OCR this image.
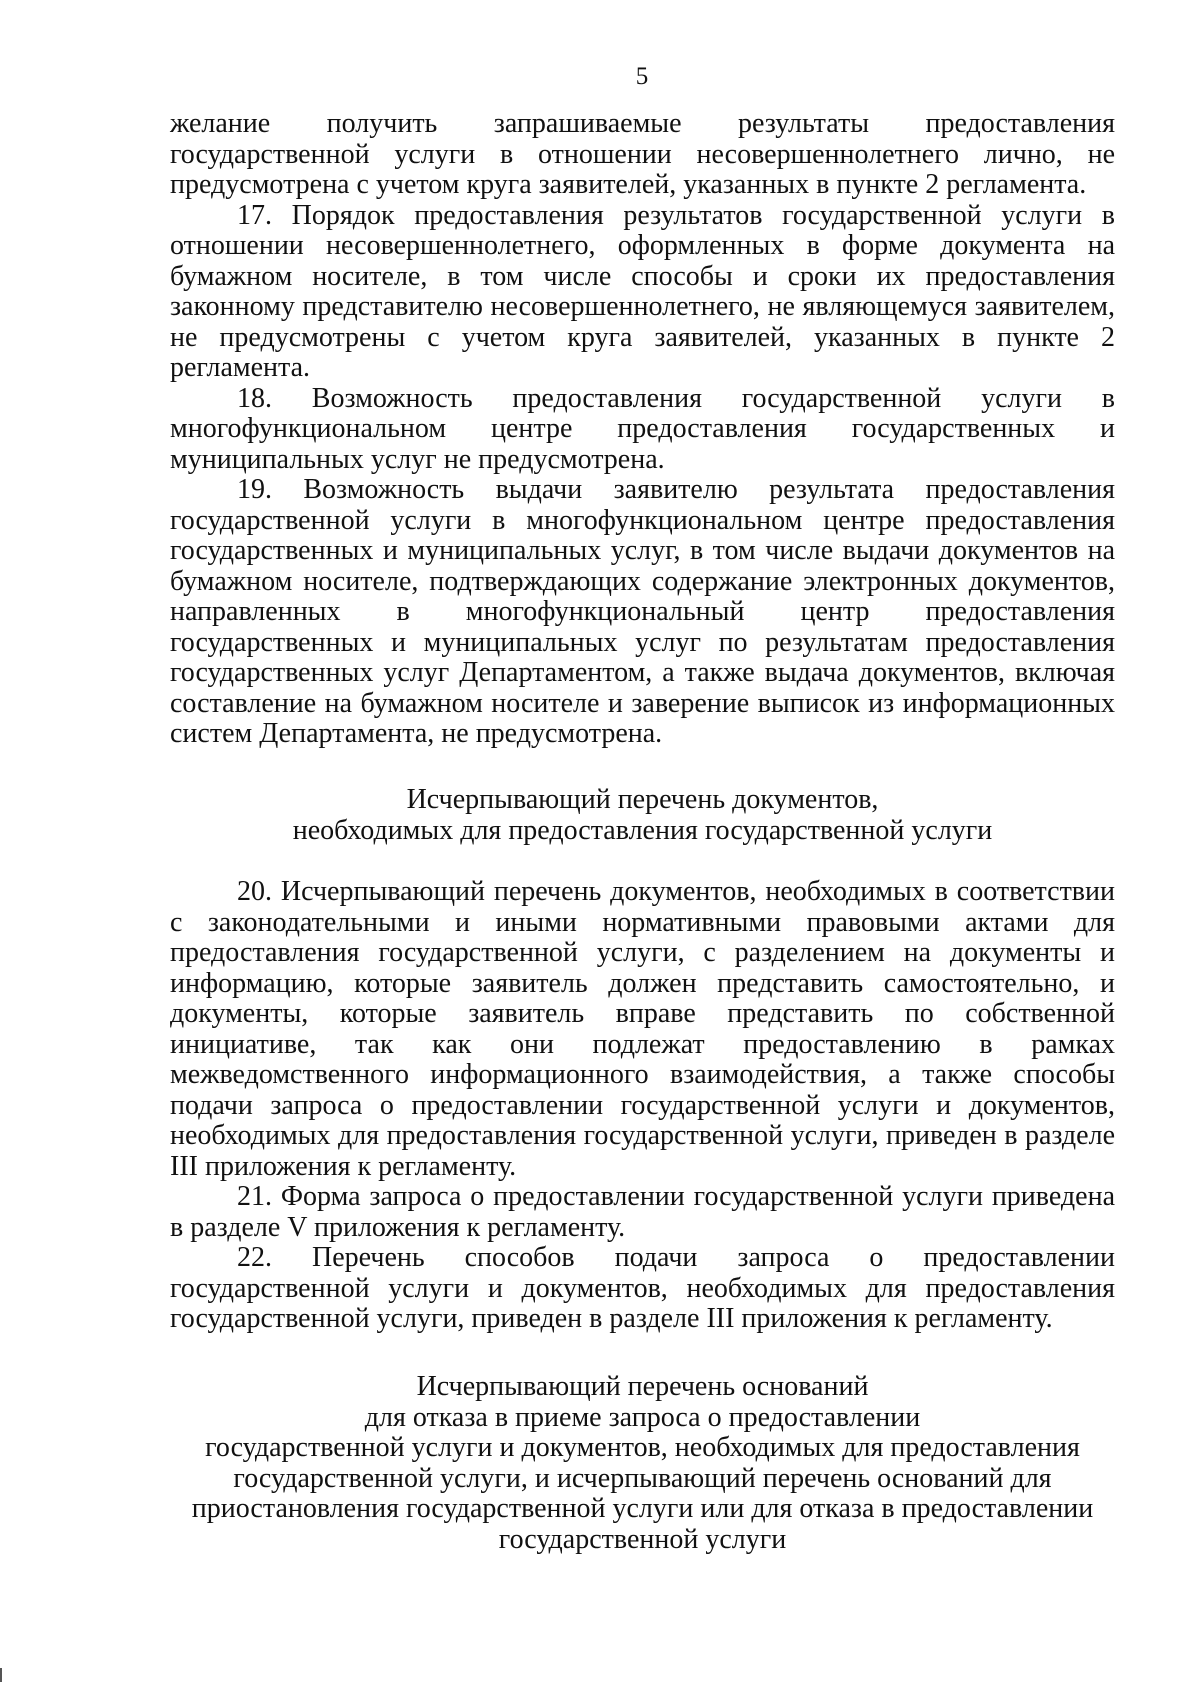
5

желание получить запрашиваемые результаты предоставления государственной услуги в отношении несовершеннолетнего лично, не предусмотрена с учетом круга заявителей, указанных в пункте 2 регламента.

17. Порядок предоставления результатов государственной услуги в отношении несовершеннолетнего, оформленных в форме документа на бумажном носителе, в том числе способы и сроки их предоставления законному представителю несовершеннолетнего, не являющемуся заявителем, не предусмотрены с учетом круга заявителей, указанных в пункте 2 регламента.

18. Возможность предоставления государственной услуги в многофункциональном центре предоставления государственных и муниципальных услуг не предусмотрена.

19. Возможность выдачи заявителю результата предоставления государственной услуги в многофункциональном центре предоставления государственных и муниципальных услуг, в том числе выдачи документов на бумажном носителе, подтверждающих содержание электронных документов, направленных в многофункциональный центр предоставления государственных и муниципальных услуг по результатам предоставления государственных услуг Департаментом, а также выдача документов, включая составление на бумажном носителе и заверение выписок из информационных систем Департамента, не предусмотрена.

Исчерпывающий перечень документов,
необходимых для предоставления государственной услуги

20. Исчерпывающий перечень документов, необходимых в соответствии с законодательными и иными нормативными правовыми актами для предоставления государственной услуги, с разделением на документы и информацию, которые заявитель должен представить самостоятельно, и документы, которые заявитель вправе представить по собственной инициативе, так как они подлежат предоставлению в рамках межведомственного информационного взаимодействия, а также способы подачи запроса о предоставлении государственной услуги и документов, необходимых для предоставления государственной услуги, приведен в разделе III приложения к регламенту.

21. Форма запроса о предоставлении государственной услуги приведена в разделе V приложения к регламенту.

22. Перечень способов подачи запроса о предоставлении государственной услуги и документов, необходимых для предоставления государственной услуги, приведен в разделе III приложения к регламенту.

Исчерпывающий перечень оснований
для отказа в приеме запроса о предоставлении
государственной услуги и документов, необходимых для предоставления
государственной услуги, и исчерпывающий перечень оснований для
приостановления государственной услуги или для отказа в предоставлении
государственной услуги
